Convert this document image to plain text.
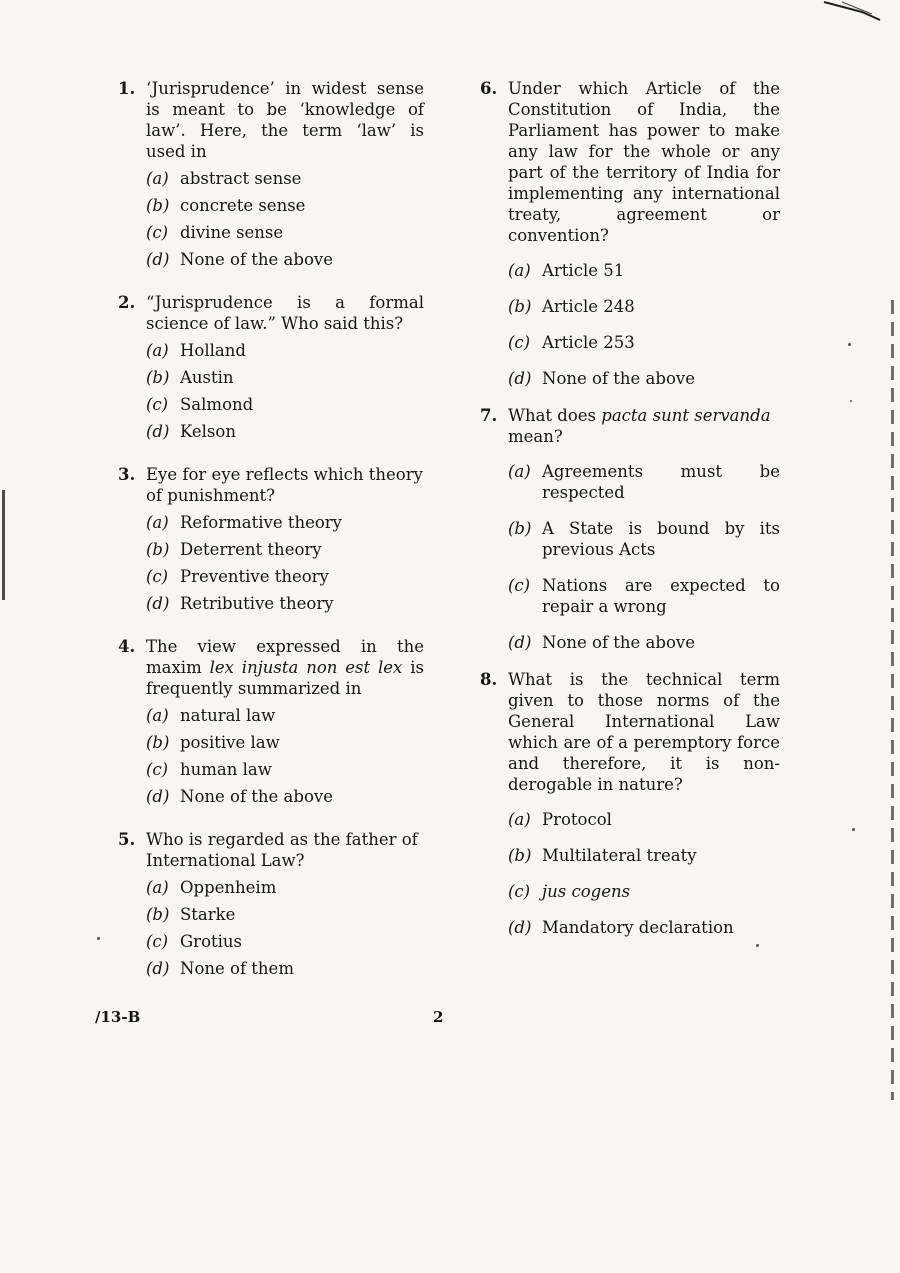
1. ‘Jurisprudence’ in widest sense is meant to be ‘knowledge of law’. Here, the term ‘law’ is used in
(a) abstract sense
(b) concrete sense
(c) divine sense
(d) None of the above
2. “Jurisprudence is a formal science of law.” Who said this?
(a) Holland
(b) Austin
(c) Salmond
(d) Kelson
3. Eye for eye reflects which theory of punishment?
(a) Reformative theory
(b) Deterrent theory
(c) Preventive theory
(d) Retributive theory
4. The view expressed in the maxim lex injusta non est lex is frequently summarized in
(a) natural law
(b) positive law
(c) human law
(d) None of the above
5. Who is regarded as the father of International Law?
(a) Oppenheim
(b) Starke
(c) Grotius
(d) None of them
6. Under which Article of the Constitution of India, the Parliament has power to make any law for the whole or any part of the territory of India for implementing any international treaty, agreement or convention?
(a) Article 51
(b) Article 248
(c) Article 253
(d) None of the above
7. What does pacta sunt servanda mean?
(a) Agreements must be respected
(b) A State is bound by its previous Acts
(c) Nations are expected to repair a wrong
(d) None of the above
8. What is the technical term given to those norms of the General International Law which are of a peremptory force and therefore, it is non-derogable in nature?
(a) Protocol
(b) Multilateral treaty
(c) jus cogens
(d) Mandatory declaration
/13-B	2
